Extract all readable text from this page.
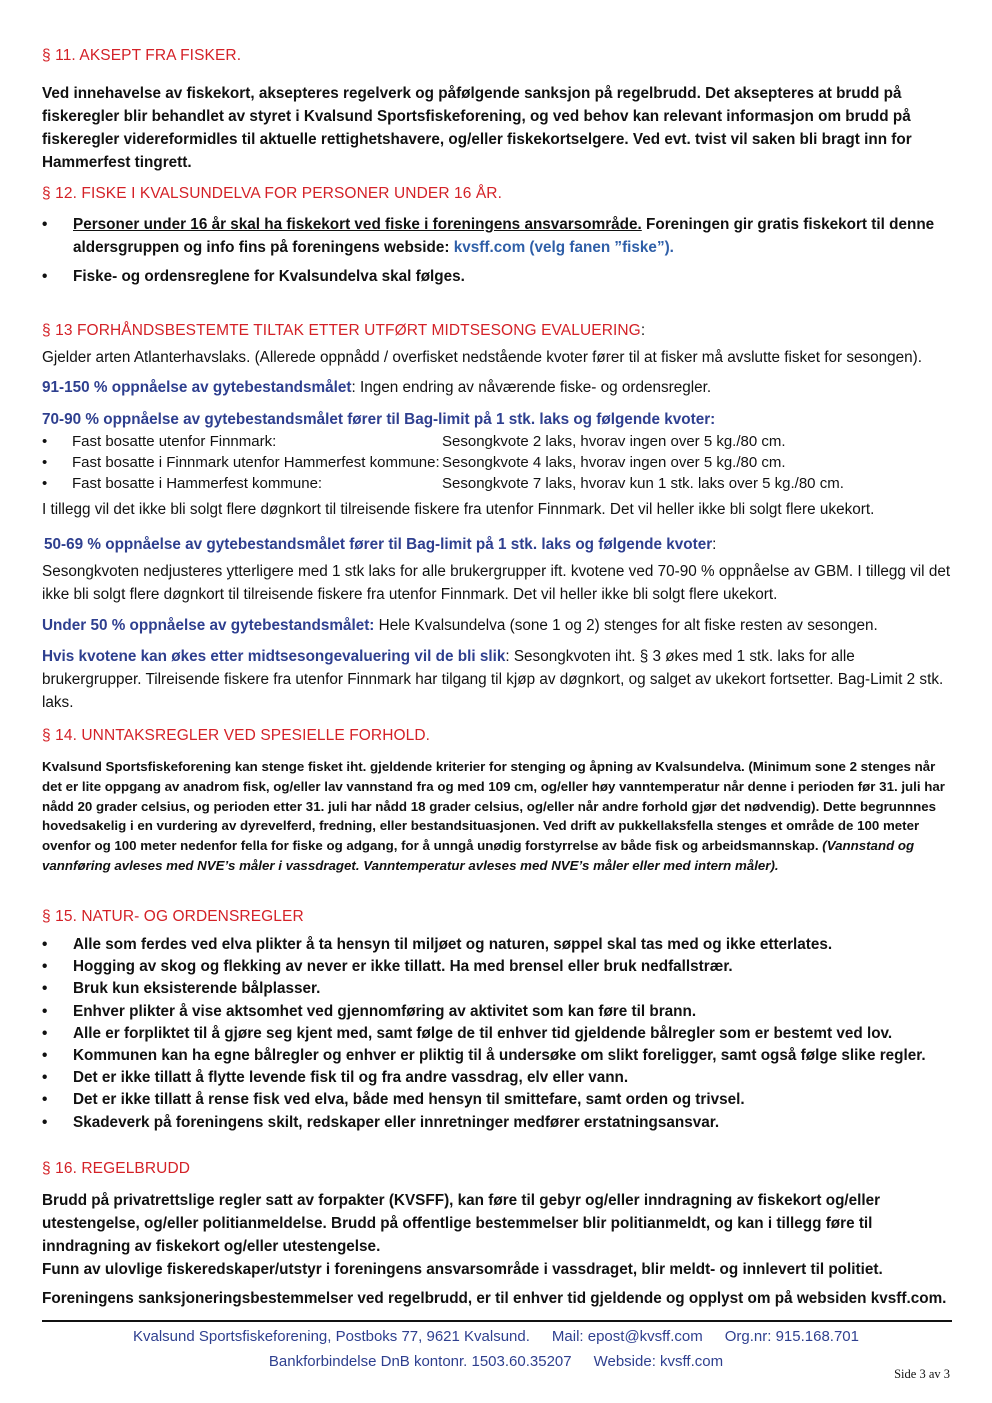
§ 11. AKSEPT FRA FISKER.
Ved innehavelse av fiskekort, aksepteres regelverk og påfølgende sanksjon på regelbrudd. Det aksepteres at brudd på fiskeregler blir behandlet av styret i Kvalsund Sportsfiskeforening, og ved behov kan relevant informasjon om brudd på fiskeregler videreformidles til aktuelle rettighetshavere, og/eller fiskekortselgere. Ved evt. tvist vil saken bli bragt inn for Hammerfest tingrett.
§ 12. FISKE I KVALSUNDELVA FOR PERSONER UNDER 16 ÅR.
• Personer under 16 år skal ha fiskekort ved fiske i foreningens ansvarsområde. Foreningen gir gratis fiskekort til denne aldersgruppen og info fins på foreningens webside: kvsff.com (velg fanen ”fiske”).
• Fiske- og ordensreglene for Kvalsundelva skal følges.
§ 13 FORHÅNDSBESTEMTE TILTAK ETTER UTFØRT MIDTSESONG EVALUERING:
Gjelder arten Atlanterhavslaks. (Allerede oppnådd / overfisket nedstående kvoter fører til at fisker må avslutte fisket for sesongen).
91-150 % oppnåelse av gytebestandsmålet: Ingen endring av nåværende fiske- og ordensregler.
70-90 % oppnåelse av gytebestandsmålet fører til Bag-limit på 1 stk. laks og følgende kvoter:
• Fast bosatte utenfor Finnmark:	Sesongkvote 2 laks, hvorav ingen over 5 kg./80 cm.
• Fast bosatte i Finnmark utenfor Hammerfest kommune: Sesongkvote 4 laks, hvorav ingen over 5 kg./80 cm.
• Fast bosatte i Hammerfest kommune:	Sesongkvote 7 laks, hvorav kun 1 stk. laks over 5 kg./80 cm.
I tillegg vil det ikke bli solgt flere døgnkort til tilreisende fiskere fra utenfor Finnmark. Det vil heller ikke bli solgt flere ukekort.
50-69 % oppnåelse av gytebestandsmålet fører til Bag-limit på 1 stk. laks og følgende kvoter:
Sesongkvoten nedjusteres ytterligere med 1 stk laks for alle brukergrupper ift. kvotene ved 70-90 % oppnåelse av GBM. I tillegg vil det ikke bli solgt flere døgnkort til tilreisende fiskere fra utenfor Finnmark. Det vil heller ikke bli solgt flere ukekort.
Under 50 % oppnåelse av gytebestandsmålet: Hele Kvalsundelva (sone 1 og 2) stenges for alt fiske resten av sesongen.
Hvis kvotene kan økes etter midtsesongevaluering vil de bli slik: Sesongkvoten iht. § 3 økes med 1 stk. laks for alle brukergrupper. Tilreisende fiskere fra utenfor Finnmark har tilgang til kjøp av døgnkort, og salget av ukekort fortsetter. Bag-Limit 2 stk. laks.
§ 14. UNNTAKSREGLER VED SPESIELLE FORHOLD.
Kvalsund Sportsfiskeforening kan stenge fisket iht. gjeldende kriterier for stenging og åpning av Kvalsundelva. (Minimum sone 2 stenges når det er lite oppgang av anadrom fisk, og/eller lav vannstand fra og med 109 cm, og/eller høy vanntemperatur når denne i perioden før 31. juli har nådd 20 grader celsius, og perioden etter 31. juli har nådd 18 grader celsius, og/eller når andre forhold gjør det nødvendig). Dette begrunnnes hovedsakelig i en vurdering av dyrevelferd, fredning, eller bestandsituasjonen. Ved drift av pukkellaksfella stenges et område de 100 meter ovenfor og 100 meter nedenfor fella for fiske og adgang, for å unngå unødig forstyrrelse av både fisk og arbeidsmannskap. (Vannstand og vannføring avleses med NVE’s måler i vassdraget. Vanntemperatur avleses med NVE’s måler eller med intern måler).
§ 15. NATUR- OG ORDENSREGLER
• Alle som ferdes ved elva plikter å ta hensyn til miljøet og naturen, søppel skal tas med og ikke etterlates.
• Hogging av skog og flekking av never er ikke tillatt. Ha med brensel eller bruk nedfallstrær.
• Bruk kun eksisterende bålplasser.
• Enhver plikter å vise aktsomhet ved gjennomføring av aktivitet som kan føre til brann.
• Alle er forpliktet til å gjøre seg kjent med, samt følge de til enhver tid gjeldende bålregler som er bestemt ved lov.
• Kommunen kan ha egne bålregler og enhver er pliktig til å undersøke om slikt foreligger, samt også følge slike regler.
• Det er ikke tillatt å flytte levende fisk til og fra andre vassdrag, elv eller vann.
• Det er ikke tillatt å rense fisk ved elva, både med hensyn til smittefare, samt orden og trivsel.
• Skadeverk på foreningens skilt, redskaper eller innretninger medfører erstatningsansvar.
§ 16. REGELBRUDD
Brudd på privatrettslige regler satt av forpakter (KVSFF), kan føre til gebyr og/eller inndragning av fiskekort og/eller utestengelse, og/eller politianmeldelse. Brudd på offentlige bestemmelser blir politianmeldt, og kan i tillegg føre til inndragning av fiskekort og/eller utestengelse.
Funn av ulovlige fiskeredskaper/utstyr i foreningens ansvarsområde i vassdraget, blir meldt- og innlevert til politiet.
Foreningens sanksjoneringsbestemmelser ved regelbrudd, er til enhver tid gjeldende og opplyst om på websiden kvsff.com.
Kvalsund Sportsfiskeforening, Postboks 77, 9621 Kvalsund. Mail: epost@kvsff.com Org.nr: 915.168.701
Bankforbindelse DnB kontonr. 1503.60.35207 Webside: kvsff.com
Side 3 av 3
